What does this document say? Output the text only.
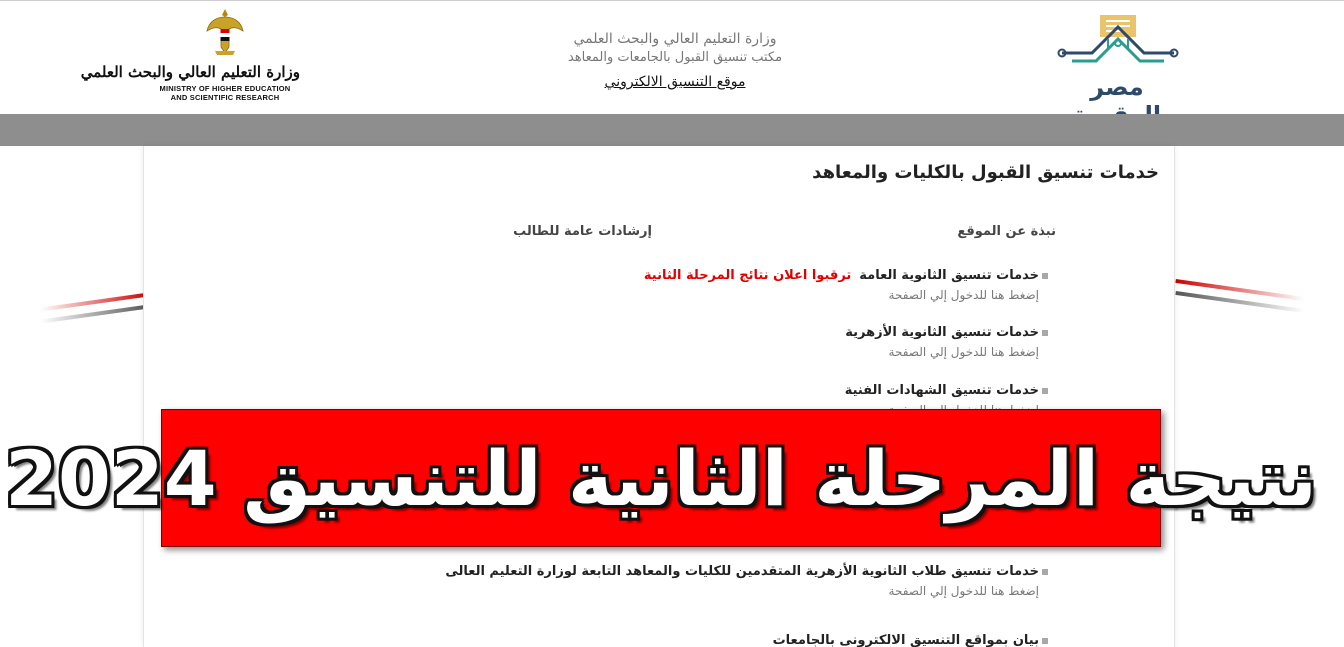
وزارة التعليم العالي والبحث العلمي
MINISTRY OF HIGHER EDUCATION
AND SCIENTIFIC RESEARCH
وزارة التعليم العالي والبحث العلمي
مكتب تنسيق القبول بالجامعات والمعاهد
موقع التنسيق الالكتروني	مصر
خدمات تنسيق القبول بالكليات والمعاهد
نبذة عن الموقع
إرشادات عامة للطالب
خدمات تنسيق الثانوية العامةترقبوا اعلان نتائج المرحلة الثانية
إضغط هنا للدخول إلي الصفحة
خدمات تنسيق الثانوية الأزهرية
إضغط هنا للدخول إلي الصفحة
خدمات تنسيق الشهادات الفنية
خدمات تنسيق طلاب الثانوية الأزهرية المتقدمين للكليات والمعاهد التابعة لوزارة التعليم العالى
إضغط هنا للدخول إلي الصفحة
بيان بمواقع التنسيق الالكترونى بالجامعات
نتيجة المرحلة الثانية للتنسيق 2024
